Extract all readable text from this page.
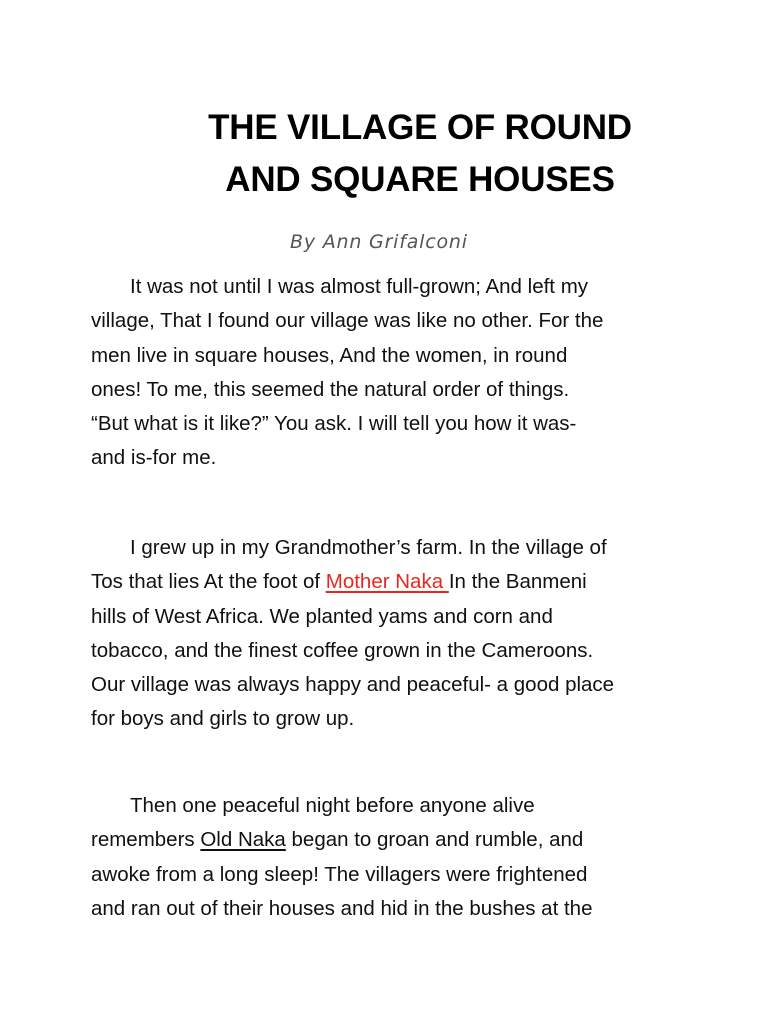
THE VILLAGE OF ROUND
AND SQUARE HOUSES

By Ann Grifalconi

It was not until I was almost full-grown; And left my
village, That I found our village was like no other. For the
men live in square houses, And the women, in round
ones! To me, this seemed the natural order of things.
“But what is it like?” You ask. I will tell you how it was-
and is-for me.

I grew up in my Grandmother’s farm. In the village of
Tos that lies At the foot of Mother Naka In the Banmeni
hills of West Africa. We planted yams and corn and
tobacco, and the finest coffee grown in the Cameroons.
Our village was always happy and peaceful- a good place
for boys and girls to grow up.

Then one peaceful night before anyone alive
remembers Old Naka began to groan and rumble, and
awoke from a long sleep! The villagers were frightened
and ran out of their houses and hid in the bushes at the
